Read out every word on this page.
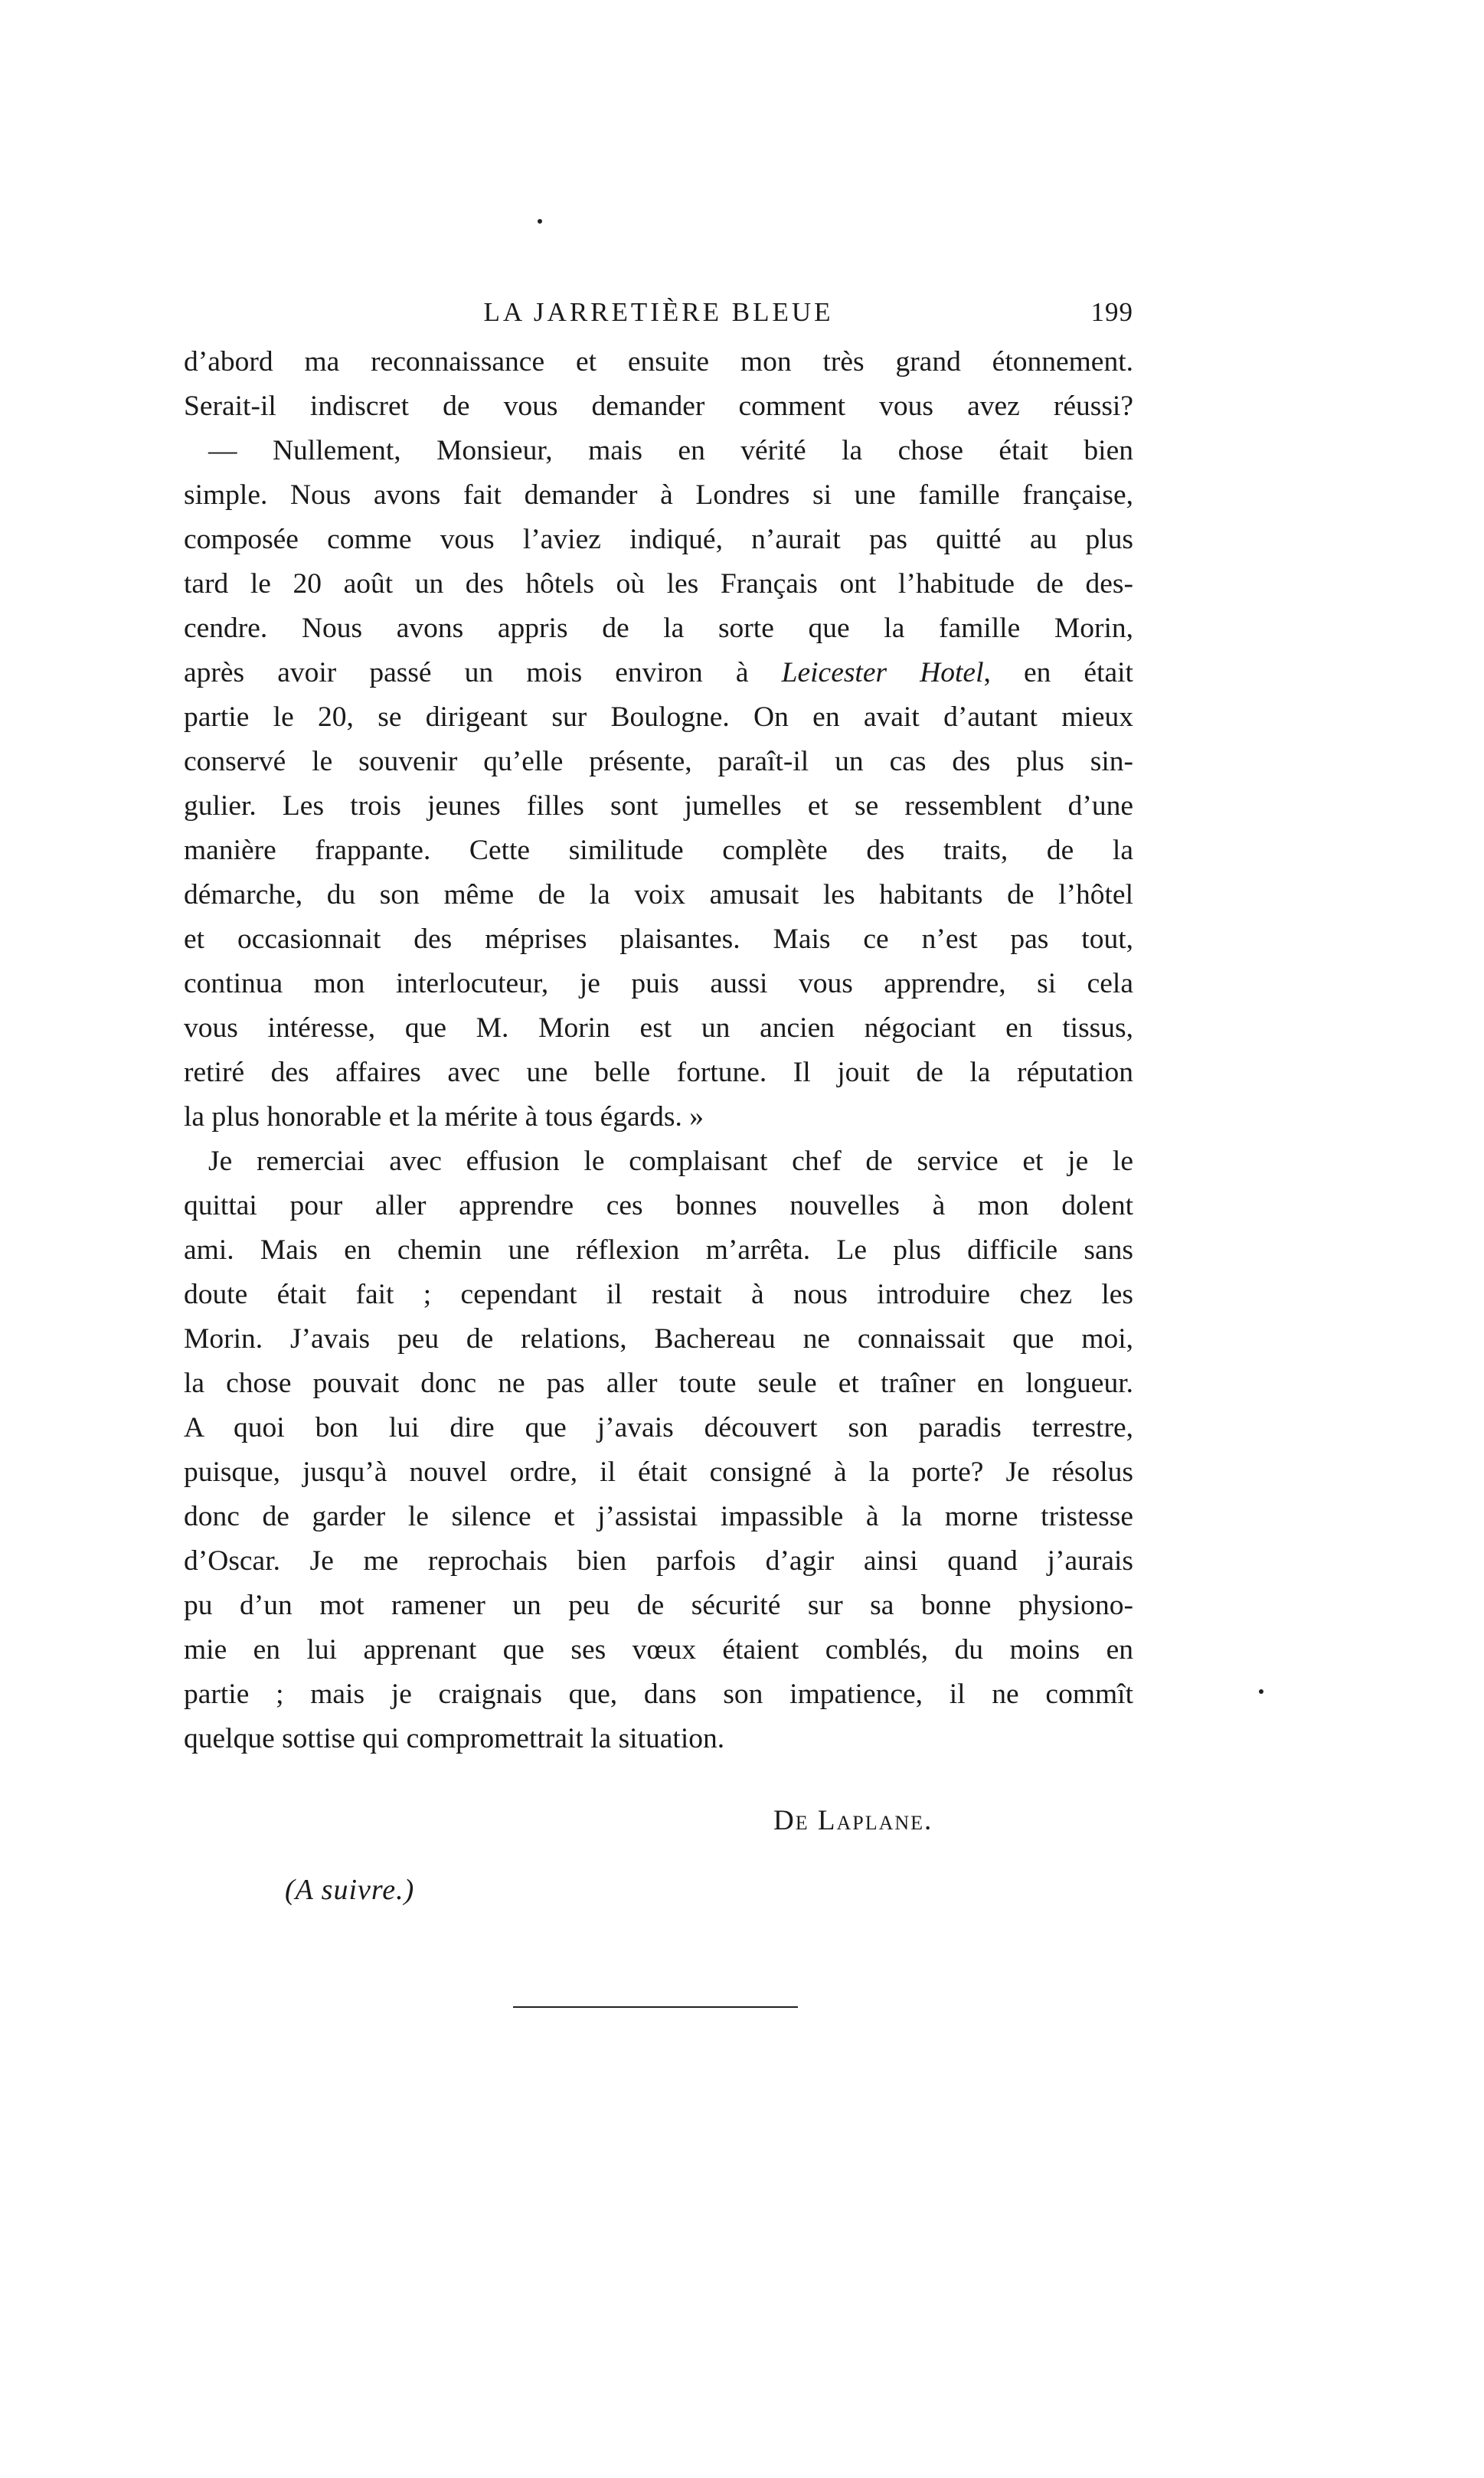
LA JARRETIÈRE BLEUE	199
d’abord ma reconnaissance et ensuite mon très grand étonnement.
Serait-il indiscret de vous demander comment vous avez réussi?
— Nullement, Monsieur, mais en vérité la chose était bien
simple. Nous avons fait demander à Londres si une famille française,
composée comme vous l’aviez indiqué, n’aurait pas quitté au plus
tard le 20 août un des hôtels où les Français ont l’habitude de des-
cendre. Nous avons appris de la sorte que la famille Morin,
après avoir passé un mois environ à Leicester Hotel, en était
partie le 20, se dirigeant sur Boulogne. On en avait d’autant mieux
conservé le souvenir qu’elle présente, paraît-il un cas des plus sin-
gulier. Les trois jeunes filles sont jumelles et se ressemblent d’une
manière frappante. Cette similitude complète des traits, de la
démarche, du son même de la voix amusait les habitants de l’hôtel
et occasionnait des méprises plaisantes. Mais ce n’est pas tout,
continua mon interlocuteur, je puis aussi vous apprendre, si cela
vous intéresse, que M. Morin est un ancien négociant en tissus,
retiré des affaires avec une belle fortune. Il jouit de la réputation
la plus honorable et la mérite à tous égards. »
Je remerciai avec effusion le complaisant chef de service et je le
quittai pour aller apprendre ces bonnes nouvelles à mon dolent
ami. Mais en chemin une réflexion m’arrêta. Le plus difficile sans
doute était fait ; cependant il restait à nous introduire chez les
Morin. J’avais peu de relations, Bachereau ne connaissait que moi,
la chose pouvait donc ne pas aller toute seule et traîner en longueur.
A quoi bon lui dire que j’avais découvert son paradis terrestre,
puisque, jusqu’à nouvel ordre, il était consigné à la porte? Je résolus
donc de garder le silence et j’assistai impassible à la morne tristesse
d’Oscar. Je me reprochais bien parfois d’agir ainsi quand j’aurais
pu d’un mot ramener un peu de sécurité sur sa bonne physiono-
mie en lui apprenant que ses vœux étaient comblés, du moins en
partie ; mais je craignais que, dans son impatience, il ne commît
quelque sottise qui compromettrait la situation.
De Laplane.
(A suivre.)
